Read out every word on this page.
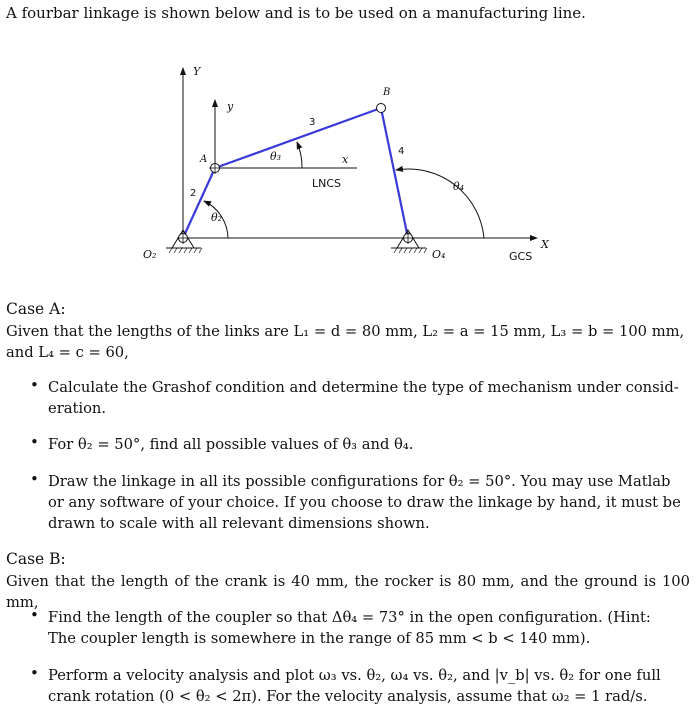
A fourbar linkage is shown below and is to be used on a manufacturing line.
Y
X
y
x
2
3
4
A
B
O₂	O₄
θ₂
θ₃
θ₄
LNCS
GCS
Case A:
Given that the lengths of the links are L₁ = d = 80 mm, L₂ = a = 15 mm, L₃ = b = 100 mm,
and L₄ = c = 60,
• Calculate the Grashof condition and determine the type of mechanism under consid-
eration.
• For θ₂ = 50°, find all possible values of θ₃ and θ₄.
• Draw the linkage in all its possible configurations for θ₂ = 50°. You may use Matlab
or any software of your choice. If you choose to draw the linkage by hand, it must be
drawn to scale with all relevant dimensions shown.
Case B:
Given that the length of the crank is 40 mm, the rocker is 80 mm, and the ground is 100 mm,
• Find the length of the coupler so that Δθ₄ = 73° in the open configuration. (Hint:
The coupler length is somewhere in the range of 85 mm < b < 140 mm).
• Perform a velocity analysis and plot ω₃ vs. θ₂, ω₄ vs. θ₂, and |v_b| vs. θ₂ for one full
crank rotation (0 < θ₂ < 2π). For the velocity analysis, assume that ω₂ = 1 rad/s.
